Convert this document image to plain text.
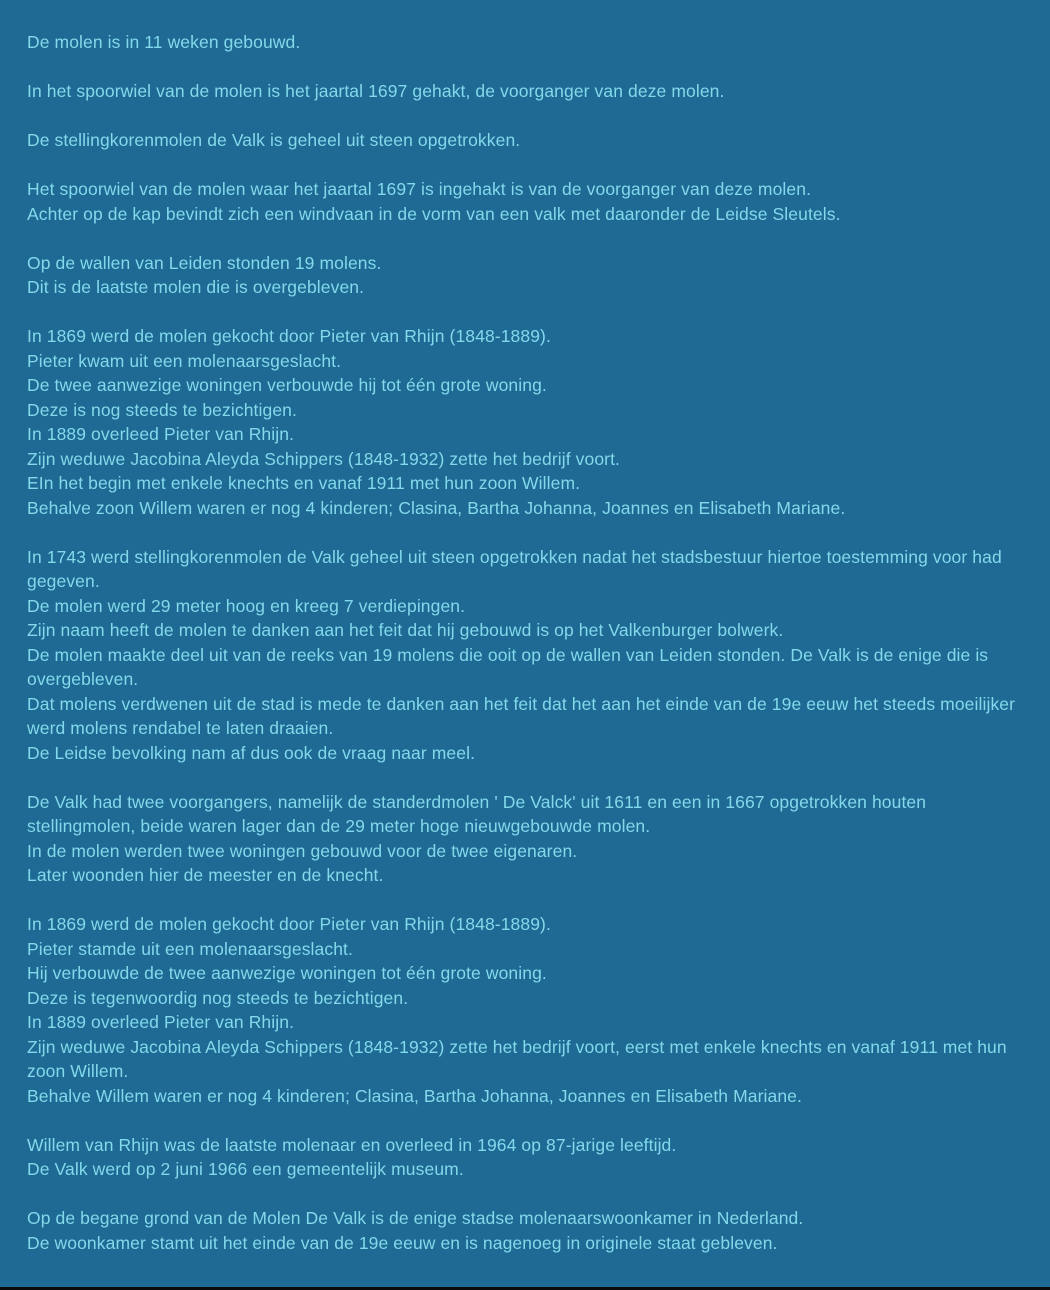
De molen is in 11 weken gebouwd.

In het spoorwiel van de molen is het jaartal 1697 gehakt, de voorganger van deze molen.

De stellingkorenmolen de Valk is geheel uit steen opgetrokken.

Het spoorwiel van de molen waar het jaartal 1697 is ingehakt is van de voorganger van deze molen.
Achter op de kap bevindt zich een windvaan in de vorm van een valk met daaronder de Leidse Sleutels.

Op de wallen van Leiden stonden 19 molens.
Dit is de laatste molen die is overgebleven.

In 1869 werd de molen gekocht door Pieter van Rhijn (1848-1889).
Pieter kwam uit een molenaarsgeslacht.
De twee aanwezige woningen verbouwde hij tot één grote woning.
Deze is nog steeds te bezichtigen.
In 1889 overleed Pieter van Rhijn.
Zijn weduwe Jacobina Aleyda Schippers (1848-1932) zette het bedrijf voort.
EIn het begin met enkele knechts en vanaf 1911 met hun zoon Willem.
Behalve zoon Willem waren er nog 4 kinderen; Clasina, Bartha Johanna, Joannes en Elisabeth Mariane.

In 1743 werd stellingkorenmolen de Valk geheel uit steen opgetrokken nadat het stadsbestuur hiertoe toestemming voor had gegeven.
De molen werd 29 meter hoog en kreeg 7 verdiepingen.
Zijn naam heeft de molen te danken aan het feit dat hij gebouwd is op het Valkenburger bolwerk.
De molen maakte deel uit van de reeks van 19 molens die ooit op de wallen van Leiden stonden. De Valk is de enige die is overgebleven.
Dat molens verdwenen uit de stad is mede te danken aan het feit dat het aan het einde van de 19e eeuw het steeds moeilijker werd molens rendabel te laten draaien.
De Leidse bevolking nam af dus ook de vraag naar meel.

De Valk had twee voorgangers, namelijk de standerdmolen ' De Valck' uit 1611 en een in 1667 opgetrokken houten stellingmolen, beide waren lager dan de 29 meter hoge nieuwgebouwde molen.
In de molen werden twee woningen gebouwd voor de twee eigenaren.
Later woonden hier de meester en de knecht.

In 1869 werd de molen gekocht door Pieter van Rhijn (1848-1889).
Pieter stamde uit een molenaarsgeslacht.
Hij verbouwde de twee aanwezige woningen tot één grote woning.
Deze is tegenwoordig nog steeds te bezichtigen.
In 1889 overleed Pieter van Rhijn.
Zijn weduwe Jacobina Aleyda Schippers (1848-1932) zette het bedrijf voort, eerst met enkele knechts en vanaf 1911 met hun zoon Willem.
Behalve Willem waren er nog 4 kinderen; Clasina, Bartha Johanna, Joannes en Elisabeth Mariane.

Willem van Rhijn was de laatste molenaar en overleed in 1964 op 87-jarige leeftijd.
De Valk werd op 2 juni 1966 een gemeentelijk museum.

Op de begane grond van de Molen De Valk is de enige stadse molenaarswoonkamer in Nederland.
De woonkamer stamt uit het einde van de 19e eeuw en is nagenoeg in originele staat gebleven.
